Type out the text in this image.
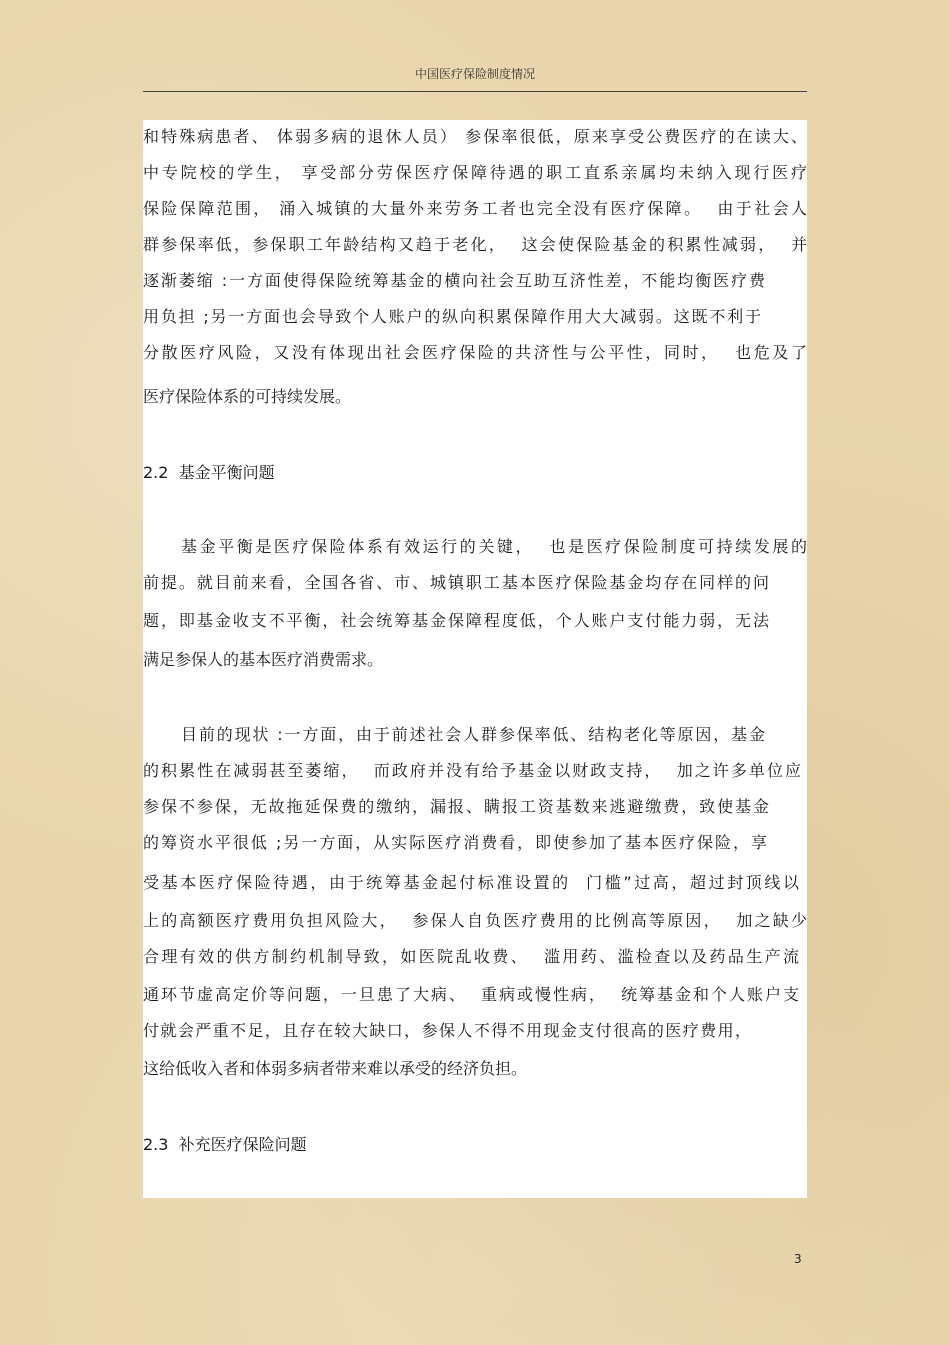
中国医疗保险制度情况
和特殊病患者、 体弱多病的退休人员） 参保率很低，原来享受公费医疗的在读大、
中专院校的学生， 享受部分劳保医疗保障待遇的职工直系亲属均未纳入现行医疗
保险保障范围， 涌入城镇的大量外来劳务工者也完全没有医疗保障。  由于社会人
群参保率低，参保职工年龄结构又趋于老化，  这会使保险基金的积累性减弱，  并
逐渐萎缩 :一方面使得保险统筹基金的横向社会互助互济性差，不能均衡医疗费
用负担 ;另一方面也会导致个人账户的纵向积累保障作用大大减弱。这既不利于
分散医疗风险，又没有体现出社会医疗保险的共济性与公平性，同时，  也危及了
医疗保险体系的可持续发展。
2.2  基金平衡问题
基金平衡是医疗保险体系有效运行的关键，  也是医疗保险制度可持续发展的
前提。就目前来看，全国各省、市、城镇职工基本医疗保险基金均存在同样的问
题，即基金收支不平衡，社会统筹基金保障程度低，个人账户支付能力弱，无法
满足参保人的基本医疗消费需求。
目前的现状 :一方面，由于前述社会人群参保率低、结构老化等原因，基金
的积累性在减弱甚至萎缩，  而政府并没有给予基金以财政支持，  加之许多单位应
参保不参保，无故拖延保费的缴纳，漏报、瞒报工资基数来逃避缴费，致使基金
的筹资水平很低 ;另一方面，从实际医疗消费看，即使参加了基本医疗保险，享
受基本医疗保险待遇，由于统筹基金起付标准设置的  门槛”过高，超过封顶线以
上的高额医疗费用负担风险大，  参保人自负医疗费用的比例高等原因，  加之缺少
合理有效的供方制约机制导致，如医院乱收费、  滥用药、滥检查以及药品生产流
通环节虚高定价等问题，一旦患了大病、  重病或慢性病，  统筹基金和个人账户支
付就会严重不足，且存在较大缺口，参保人不得不用现金支付很高的医疗费用，
这给低收入者和体弱多病者带来难以承受的经济负担。
2.3  补充医疗保险问题
3
